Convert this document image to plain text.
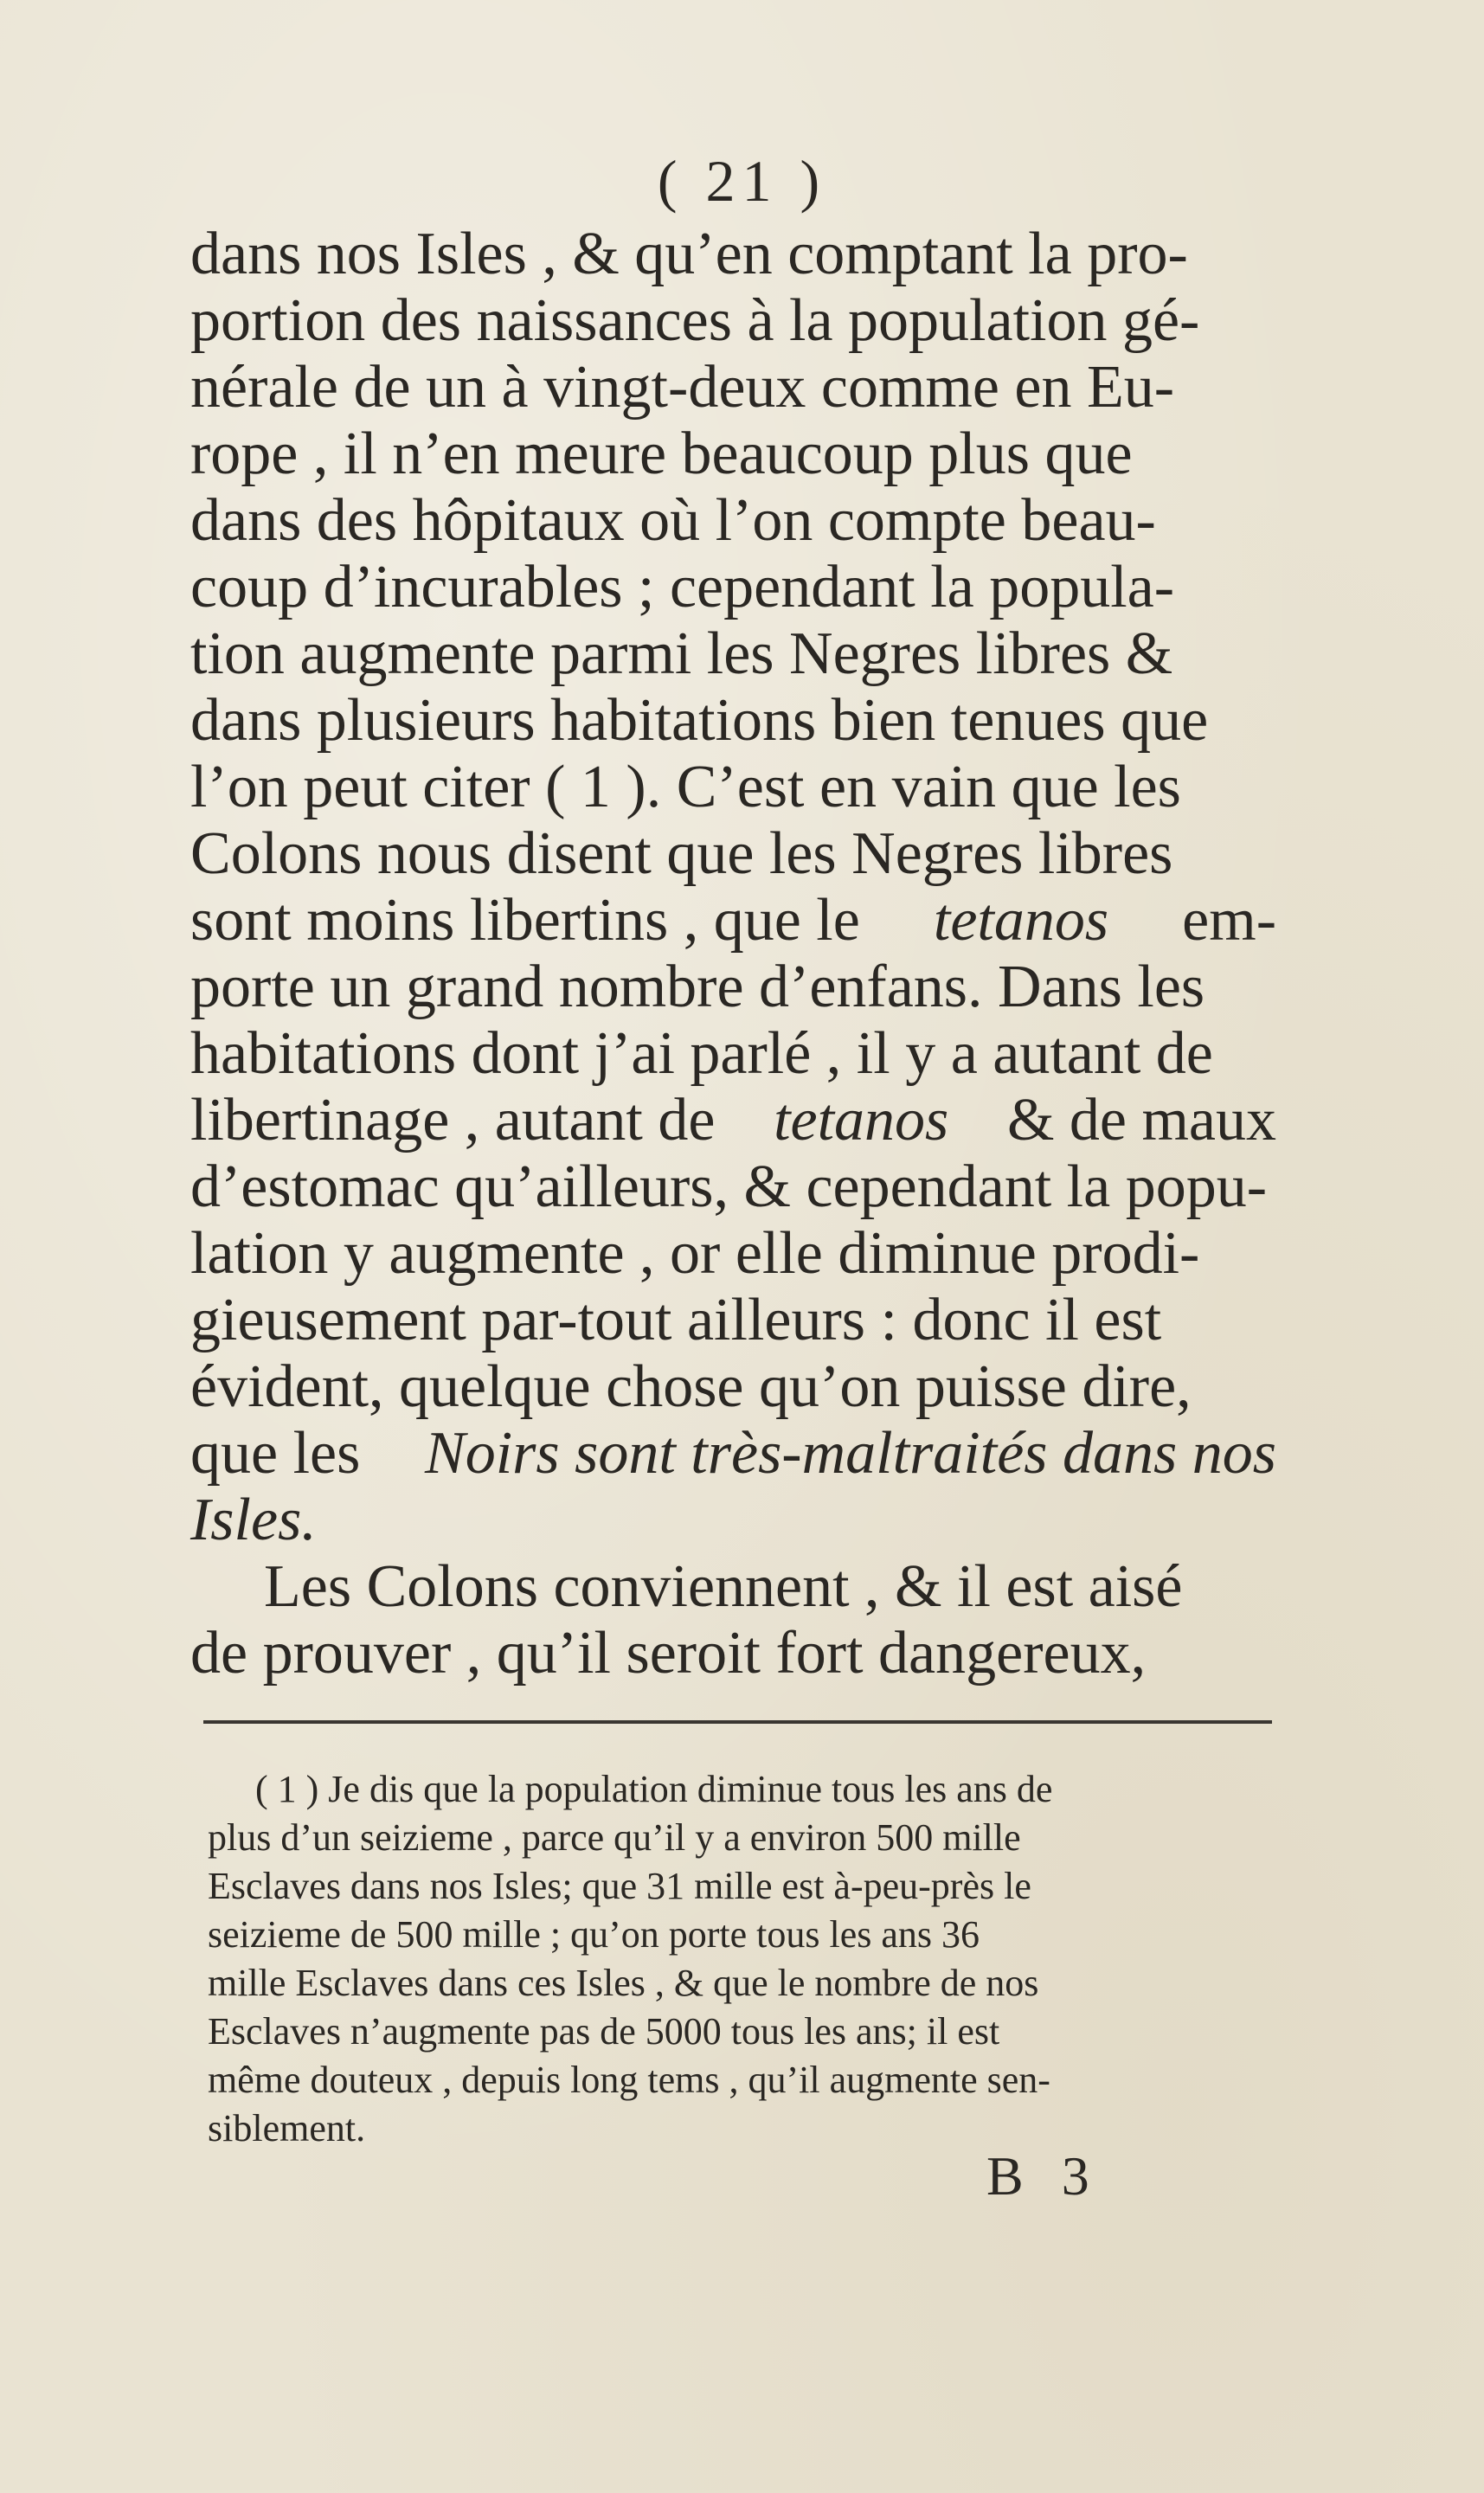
( 21 )
dans nos Isles , & qu’en comptant la pro-
portion des naissances à la population gé-
nérale de un à vingt-deux comme en Eu-
rope , il n’en meure beaucoup plus que
dans des hôpitaux où l’on compte beau-
coup d’incurables ; cependant la popula-
tion augmente parmi les Negres libres &
dans plusieurs habitations bien tenues que
l’on peut citer ( 1 ). C’est en vain que les
Colons nous disent que les Negres libres
sont moins libertins , que le tetanos em-
porte un grand nombre d’enfans. Dans les
habitations dont j’ai parlé , il y a autant de
libertinage , autant de tetanos & de maux
d’estomac qu’ailleurs, & cependant la popu-
lation y augmente , or elle diminue prodi-
gieusement par-tout ailleurs : donc il est
évident, quelque chose qu’on puisse dire,
que les Noirs sont très-maltraités dans nos
Isles.
Les Colons conviennent , & il est aisé
de prouver , qu’il seroit fort dangereux,
( 1 ) Je dis que la population diminue tous les ans de
plus d’un seizieme , parce qu’il y a environ 500 mille
Esclaves dans nos Isles; que 31 mille est à-peu-près le
seizieme de 500 mille ; qu’on porte tous les ans 36
mille Esclaves dans ces Isles , & que le nombre de nos
Esclaves n’augmente pas de 5000 tous les ans; il est
même douteux , depuis long tems , qu’il augmente sen-
siblement.
B 3
